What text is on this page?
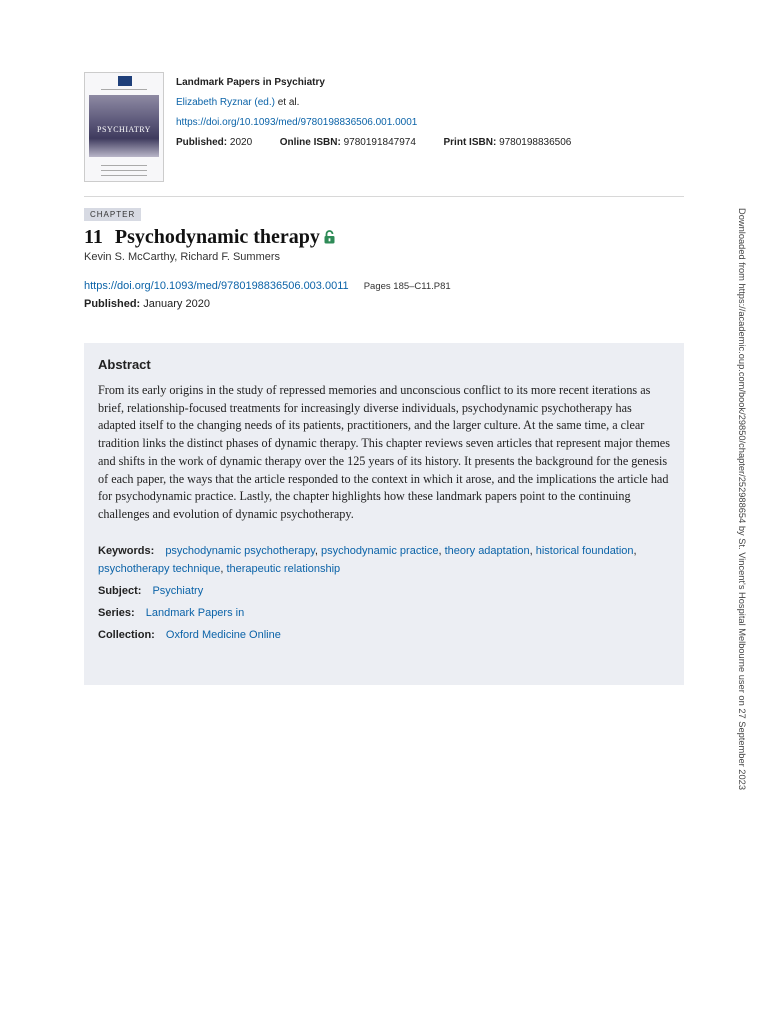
PSYCHIATRY
Landmark Papers in Psychiatry
Elizabeth Ryznar (ed.) et al.
https://doi.org/10.1093/med/9780198836506.001.0001
Published: 2020	Online ISBN: 9780191847974	Print ISBN: 9780198836506
CHAPTER
11 Psychodynamic therapy
Kevin S. McCarthy, Richard F. Summers
https://doi.org/10.1093/med/9780198836506.003.0011 Pages 185–C11.P81
Published: January 2020
Abstract

From its early origins in the study of repressed memories and unconscious conflict to its more recent iterations as brief, relationship-focused treatments for increasingly diverse individuals, psychodynamic psychotherapy has adapted itself to the changing needs of its patients, practitioners, and the larger culture. At the same time, a clear tradition links the distinct phases of dynamic therapy. This chapter reviews seven articles that represent major themes and shifts in the work of dynamic therapy over the 125 years of its history. It presents the background for the genesis of each paper, the ways that the article responded to the context in which it arose, and the implications the article had for psychodynamic practice. Lastly, the chapter highlights how these landmark papers point to the continuing challenges and evolution of dynamic psychotherapy.

Keywords: psychodynamic psychotherapy, psychodynamic practice, theory adaptation, historical foundation, psychotherapy technique, therapeutic relationship
Subject: Psychiatry
Series: Landmark Papers in
Collection: Oxford Medicine Online	Downloaded from https://academic.oup.com/book/29850/chapter/252988654 by St. Vincent's Hospital Melbourne user on 27 September 2023
